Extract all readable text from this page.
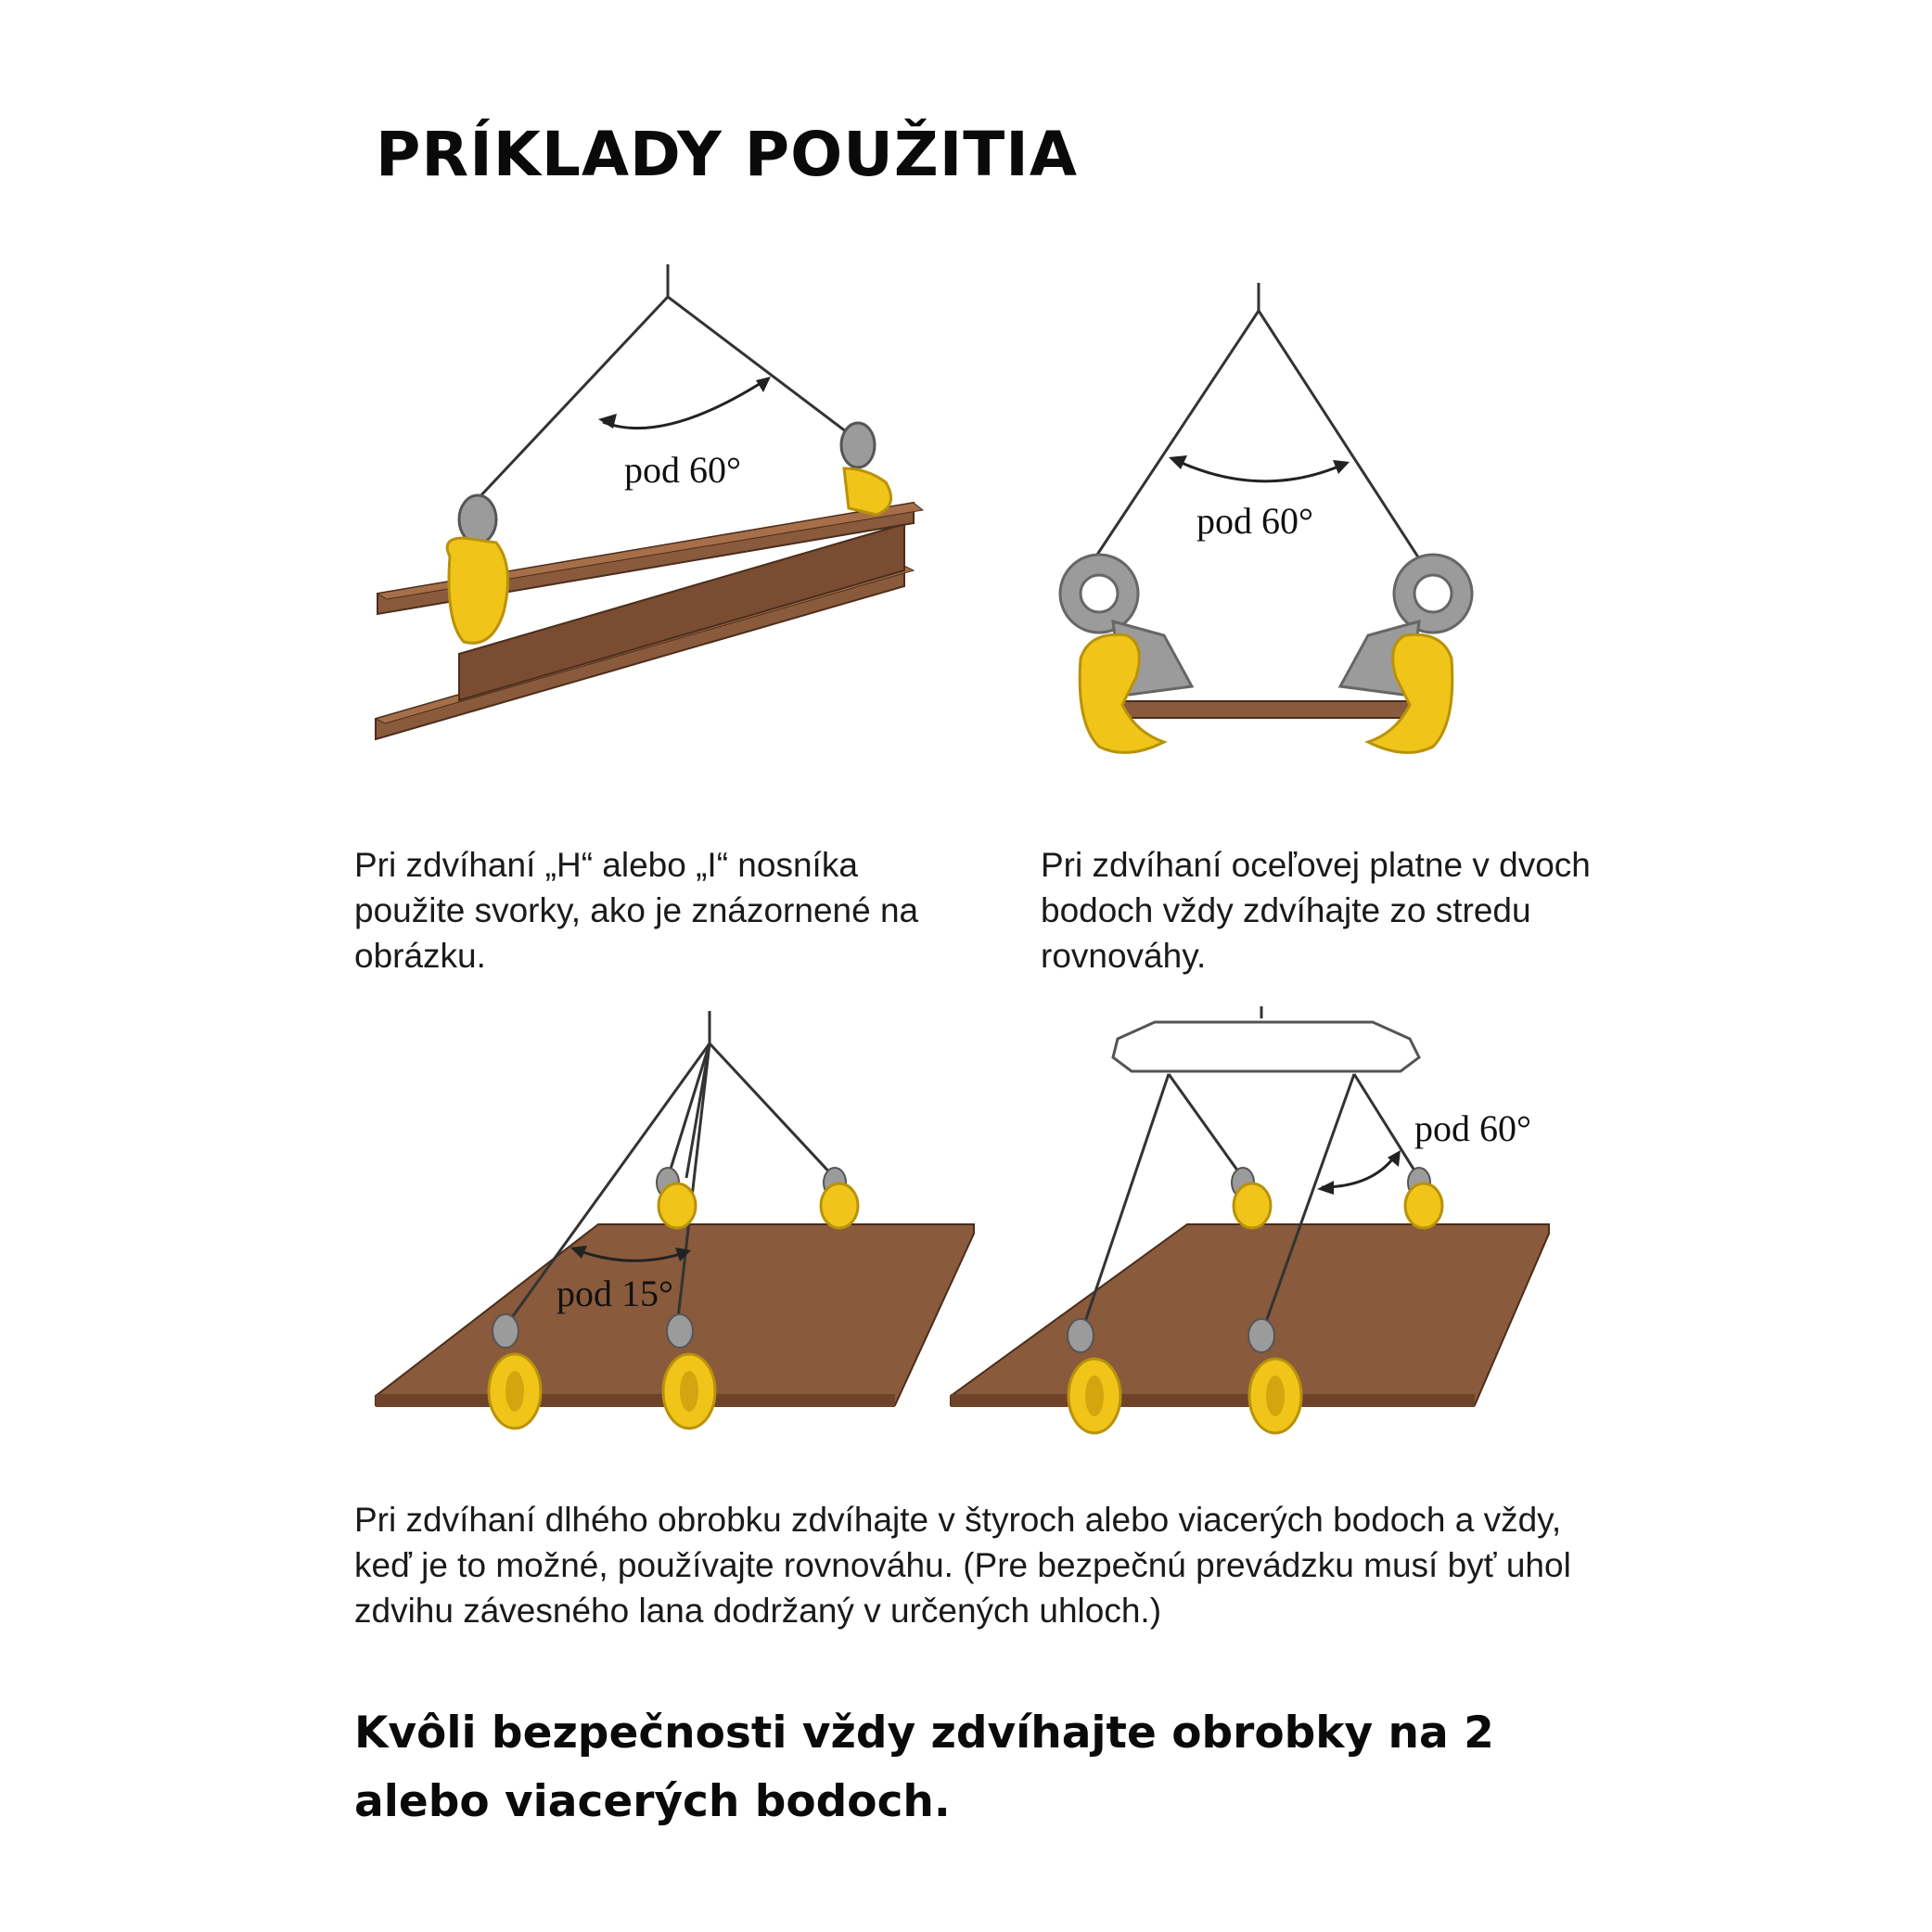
PRÍKLADY POUŽITIA
pod 60°
pod 60°
pod 15°
pod 60°
Pri zdvíhaní „H“ alebo „I“ nosníka použite svorky, ako je znázornené na obrázku.
Pri zdvíhaní oceľovej platne v dvoch bodoch vždy zdvíhajte zo stredu rovnováhy.
Pri zdvíhaní dlhého obrobku zdvíhajte v štyroch alebo viacerých bodoch a vždy, keď je to možné, používajte rovnováhu. (Pre bezpečnú prevádzku musí byť uhol zdvihu závesného lana dodržaný v určených uhloch.)
Kvôli bezpečnosti vždy zdvíhajte obrobky na 2 alebo viacerých bodoch.
